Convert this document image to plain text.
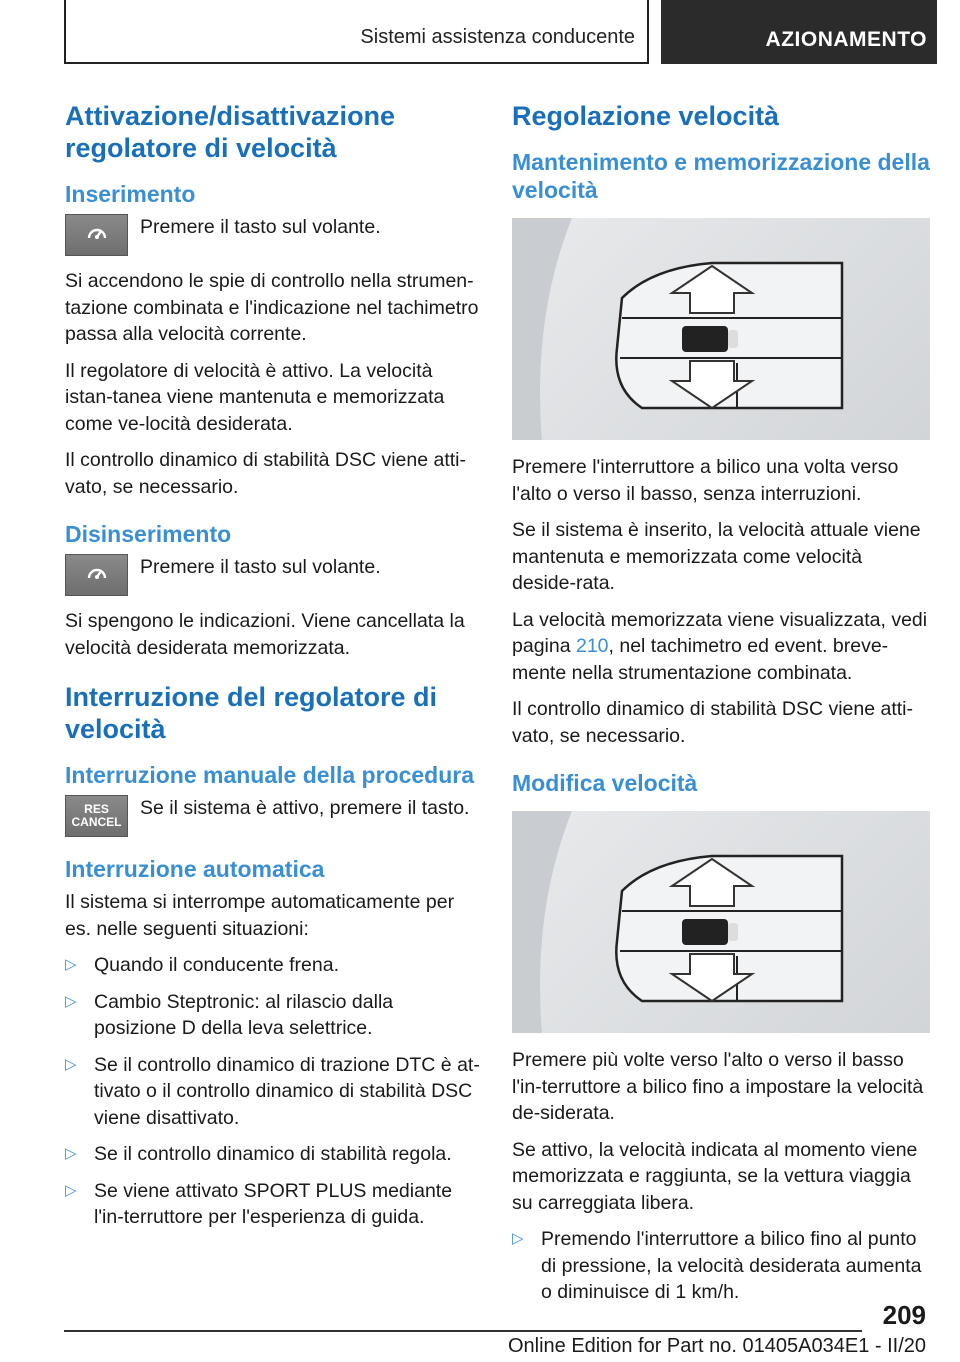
Sistemi assistenza conducente	AZIONAMENTO
Attivazione/disattivazione regolatore di velocità
Inserimento

Premere il tasto sul volante.

Si accendono le spie di controllo nella strumen-tazione combinata e l'indicazione nel tachimetro passa alla velocità corrente.

Il regolatore di velocità è attivo. La velocità istan-tanea viene mantenuta e memorizzata come ve-locità desiderata.

Il controllo dinamico di stabilità DSC viene atti-vato, se necessario.

Disinserimento

Premere il tasto sul volante.

Si spengono le indicazioni. Viene cancellata la velocità desiderata memorizzata.

Interruzione del regolatore di velocità
Interruzione manuale della procedura
RES
CANCEL

Se il sistema è attivo, premere il tasto.

Interruzione automatica

Il sistema si interrompe automaticamente per es. nelle seguenti situazioni:

▷ Quando il conducente frena.
▷ Cambio Steptronic: al rilascio dalla posizione D della leva selettrice.
▷ Se il controllo dinamico di trazione DTC è at-tivato o il controllo dinamico di stabilità DSC viene disattivato.
▷ Se il controllo dinamico di stabilità regola.
▷ Se viene attivato SPORT PLUS mediante l'in-terruttore per l'esperienza di guida.
Regolazione velocità
Mantenimento e memorizzazione della velocità

Premere l'interruttore a bilico una volta verso l'alto o verso il basso, senza interruzioni.

Se il sistema è inserito, la velocità attuale viene mantenuta e memorizzata come velocità deside-rata.

La velocità memorizzata viene visualizzata, vedi pagina 210, nel tachimetro ed event. breve-mente nella strumentazione combinata.

Il controllo dinamico di stabilità DSC viene atti-vato, se necessario.

Modifica velocità

Premere più volte verso l'alto o verso il basso l'in-terruttore a bilico fino a impostare la velocità de-siderata.

Se attivo, la velocità indicata al momento viene memorizzata e raggiunta, se la vettura viaggia su carreggiata libera.

▷ Premendo l'interruttore a bilico fino al punto di pressione, la velocità desiderata aumenta o diminuisce di 1 km/h.
209
Online Edition for Part no. 01405A034E1 - II/20
